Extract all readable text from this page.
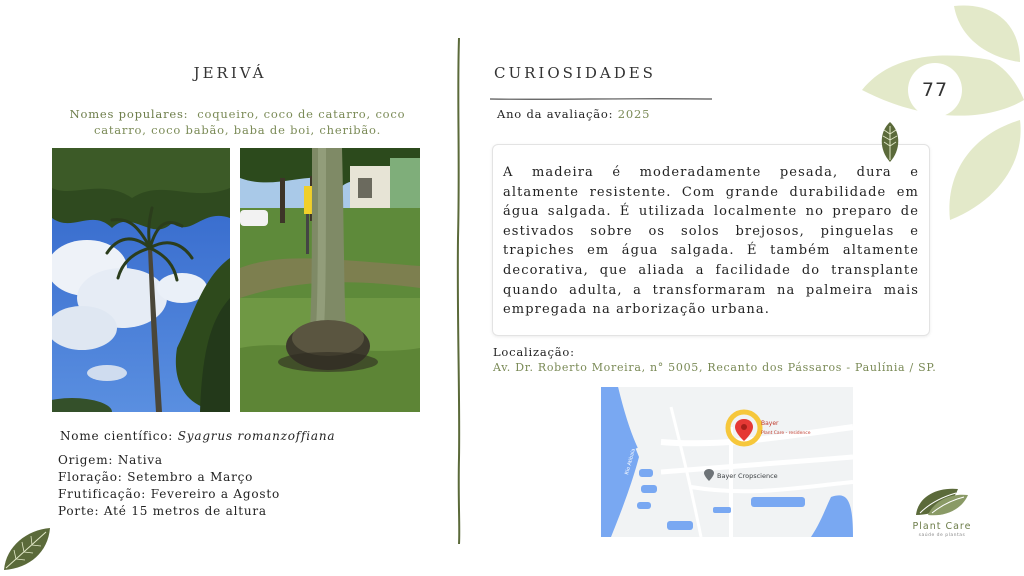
JERIVÁ
Nomes populares: coqueiro, coco de catarro, coco catarro, coco babão, baba de boi, cheribão.
Nome científico: Syagrus romanzoffiana
Origem: Nativa
Floração: Setembro a Março
Frutificação: Fevereiro a Agosto
Porte: Até 15 metros de altura
CURIOSIDADES
Ano da avaliação: 2025

A madeira é moderadamente pesada, dura e altamente resistente. Com grande durabilidade em água salgada. É utilizada localmente no preparo de estivados sobre os solos brejosos, pinguelas e trapiches em água salgada. É também altamente decorativa, que aliada a facilidade do transplante quando adulta, a transformaram na palmeira mais empregada na arborização urbana.

Localização:
Av. Dr. Roberto Moreira, n° 5005, Recanto dos Pássaros - Paulínia / SP.
Bayer
Plant Care - residence
Bayer Cropscience
Rio Atibaia
77
Plant Care
saúde de plantas
